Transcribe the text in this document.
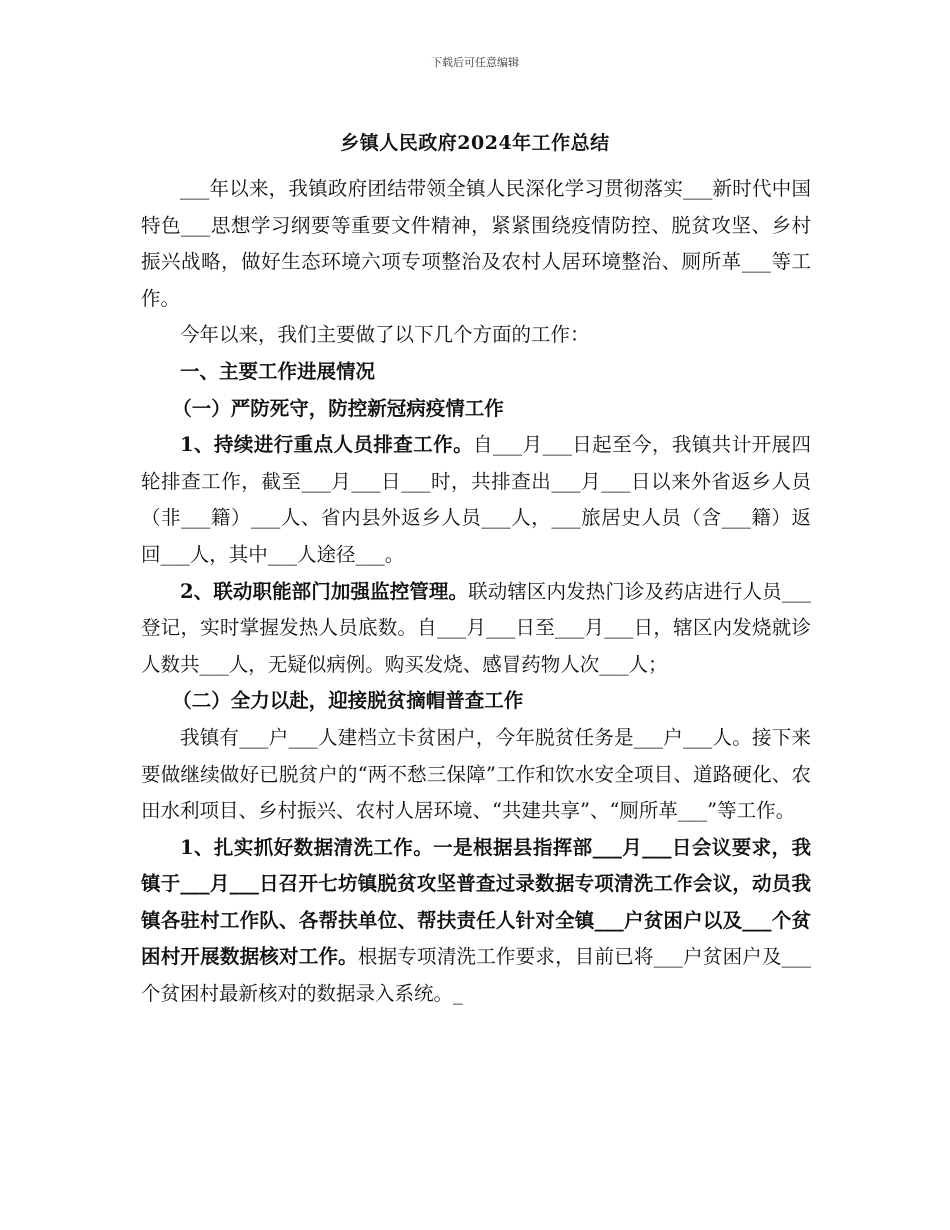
下载后可任意编辑
乡镇人民政府2024年工作总结

___年以来，我镇政府团结带领全镇人民深化学习贯彻落实___新时代中国特色___思想学习纲要等重要文件精神，紧紧围绕疫情防控、脱贫攻坚、乡村振兴战略，做好生态环境六项专项整治及农村人居环境整治、厕所革___等工作。

今年以来，我们主要做了以下几个方面的工作：

一、主要工作进展情况

（一）严防死守，防控新冠病疫情工作

1、持续进行重点人员排查工作。自___月___日起至今，我镇共计开展四轮排查工作，截至___月___日___时，共排查出___月___日以来外省返乡人员（非___籍）___人、省内县外返乡人员___人，___旅居史人员（含___籍）返回___人，其中___人途径___。

2、联动职能部门加强监控管理。联动辖区内发热门诊及药店进行人员___登记，实时掌握发热人员底数。自___月___日至___月___日，辖区内发烧就诊人数共___人，无疑似病例。购买发烧、感冒药物人次___人；

（二）全力以赴，迎接脱贫摘帽普查工作

我镇有___户___人建档立卡贫困户，今年脱贫任务是___户___人。接下来要做继续做好已脱贫户的“两不愁三保障”工作和饮水安全项目、道路硬化、农田水利项目、乡村振兴、农村人居环境、“共建共享”、“厕所革___”等工作。

1、扎实抓好数据清洗工作。一是根据县指挥部___月___日会议要求，我镇于___月___日召开七坊镇脱贫攻坚普查过录数据专项清洗工作会议，动员我镇各驻村工作队、各帮扶单位、帮扶责任人针对全镇___户贫困户以及___个贫困村开展数据核对工作。根据专项清洗工作要求，目前已将___户贫困户及___个贫困村最新核对的数据录入系统。_
